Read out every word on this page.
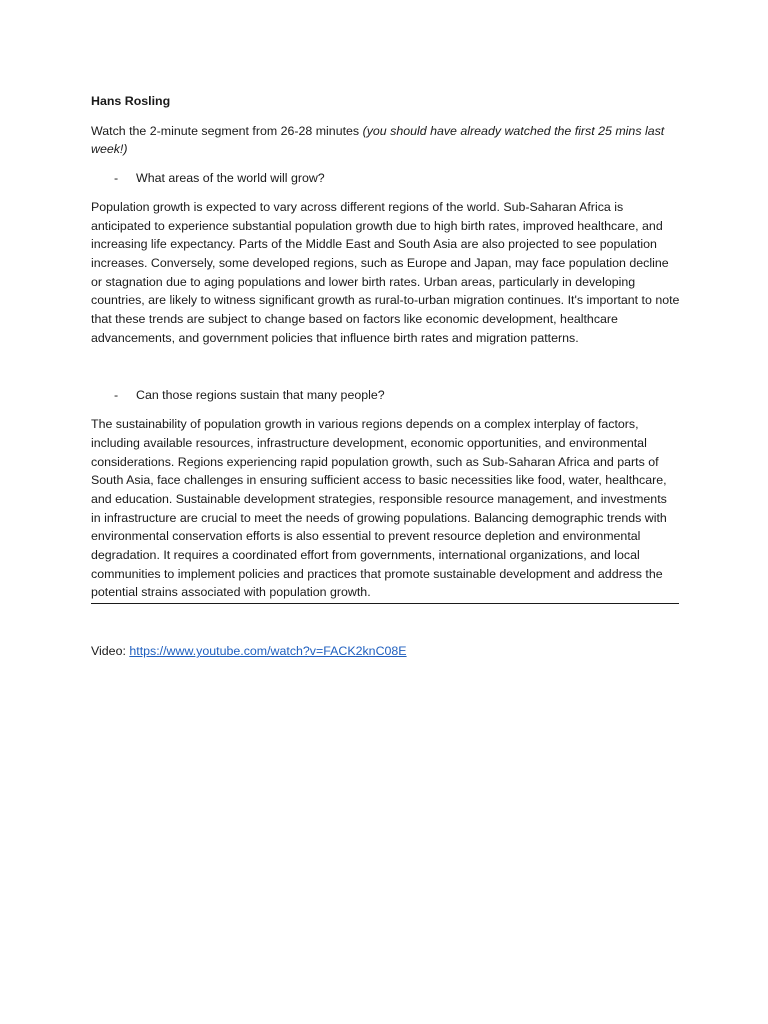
Hans Rosling

Watch the 2-minute segment from 26-28 minutes (you should have already watched the first 25 mins last week!)

-	What areas of the world will grow?

Population growth is expected to vary across different regions of the world. Sub-Saharan Africa is anticipated to experience substantial population growth due to high birth rates, improved healthcare, and increasing life expectancy. Parts of the Middle East and South Asia are also projected to see population increases. Conversely, some developed regions, such as Europe and Japan, may face population decline or stagnation due to aging populations and lower birth rates. Urban areas, particularly in developing countries, are likely to witness significant growth as rural-to-urban migration continues. It's important to note that these trends are subject to change based on factors like economic development, healthcare advancements, and government policies that influence birth rates and migration patterns.

-	Can those regions sustain that many people?

The sustainability of population growth in various regions depends on a complex interplay of factors, including available resources, infrastructure development, economic opportunities, and environmental considerations. Regions experiencing rapid population growth, such as Sub-Saharan Africa and parts of South Asia, face challenges in ensuring sufficient access to basic necessities like food, water, healthcare, and education. Sustainable development strategies, responsible resource management, and investments in infrastructure are crucial to meet the needs of growing populations. Balancing demographic trends with environmental conservation efforts is also essential to prevent resource depletion and environmental degradation. It requires a coordinated effort from governments, international organizations, and local communities to implement policies and practices that promote sustainable development and address the potential strains associated with population growth.

Video: https://www.youtube.com/watch?v=FACK2knC08E
